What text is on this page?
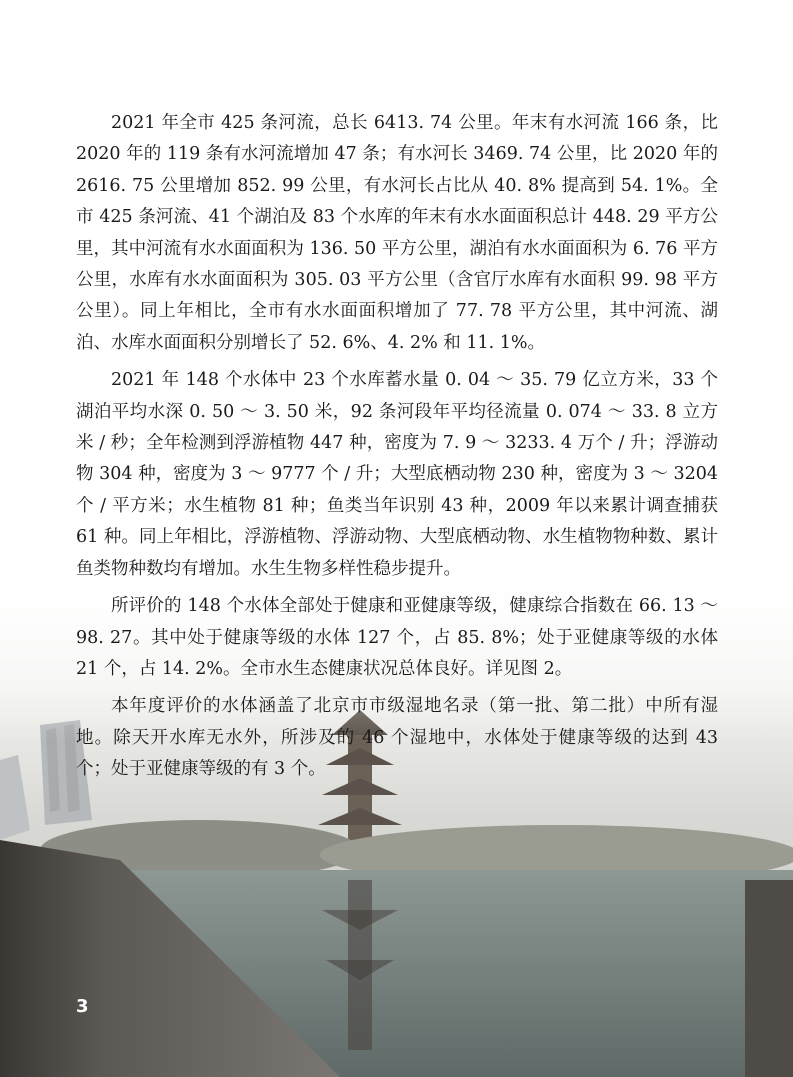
2021 年全市 425 条河流，总长 6413. 74 公里。年末有水河流 166 条，比 2020 年的 119 条有水河流增加 47 条；有水河长 3469. 74 公里，比 2020 年的 2616. 75 公里增加 852. 99 公里，有水河长占比从 40. 8% 提高到 54. 1%。全市 425 条河流、41 个湖泊及 83 个水库的年末有水水面面积总计 448. 29 平方公里，其中河流有水水面面积为 136. 50 平方公里，湖泊有水水面面积为 6. 76 平方公里，水库有水水面面积为 305. 03 平方公里（含官厅水库有水面积 99. 98 平方公里）。同上年相比，全市有水水面面积增加了 77. 78 平方公里，其中河流、湖泊、水库水面面积分别增长了 52. 6%、4. 2% 和 11. 1%。

2021 年 148 个水体中 23 个水库蓄水量 0. 04 ～ 35. 79 亿立方米，33 个湖泊平均水深 0. 50 ～ 3. 50 米，92 条河段年平均径流量 0. 074 ～ 33. 8 立方米 / 秒；全年检测到浮游植物 447 种，密度为 7. 9 ～ 3233. 4 万个 / 升；浮游动物 304 种，密度为 3 ～ 9777 个 / 升；大型底栖动物 230 种，密度为 3 ～ 3204 个 / 平方米；水生植物 81 种；鱼类当年识别 43 种，2009 年以来累计调查捕获 61 种。同上年相比，浮游植物、浮游动物、大型底栖动物、水生植物物种数、累计鱼类物种数均有增加。水生生物多样性稳步提升。

所评价的 148 个水体全部处于健康和亚健康等级，健康综合指数在 66. 13 ～ 98. 27。其中处于健康等级的水体 127 个，占 85. 8%；处于亚健康等级的水体 21 个，占 14. 2%。全市水生态健康状况总体良好。详见图 2。

本年度评价的水体涵盖了北京市市级湿地名录（第一批、第二批）中所有湿地。除天开水库无水外，所涉及的 46 个湿地中，水体处于健康等级的达到 43 个；处于亚健康等级的有 3 个。

3
